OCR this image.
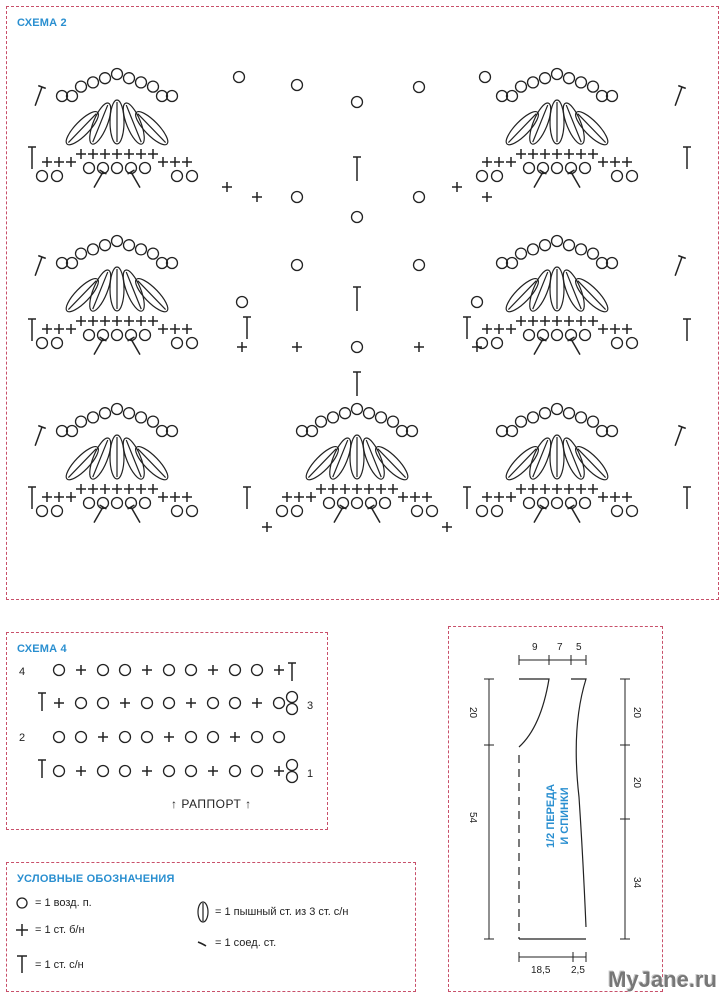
СХЕМА 2
СХЕМА 4
4
3
2
1
↑ РАППОРТ ↑
УСЛОВНЫЕ ОБОЗНАЧЕНИЯ
= 1 возд. п.
= 1 ст. б/н
= 1 ст. с/н
= 1 пышный ст. из 3 ст. с/н
= 1 соед. ст.
9 7 5
20
54
20
20
34
18,5 2,5
1/2 ПЕРЕДА И СПИНКИ
MyJane.ru
